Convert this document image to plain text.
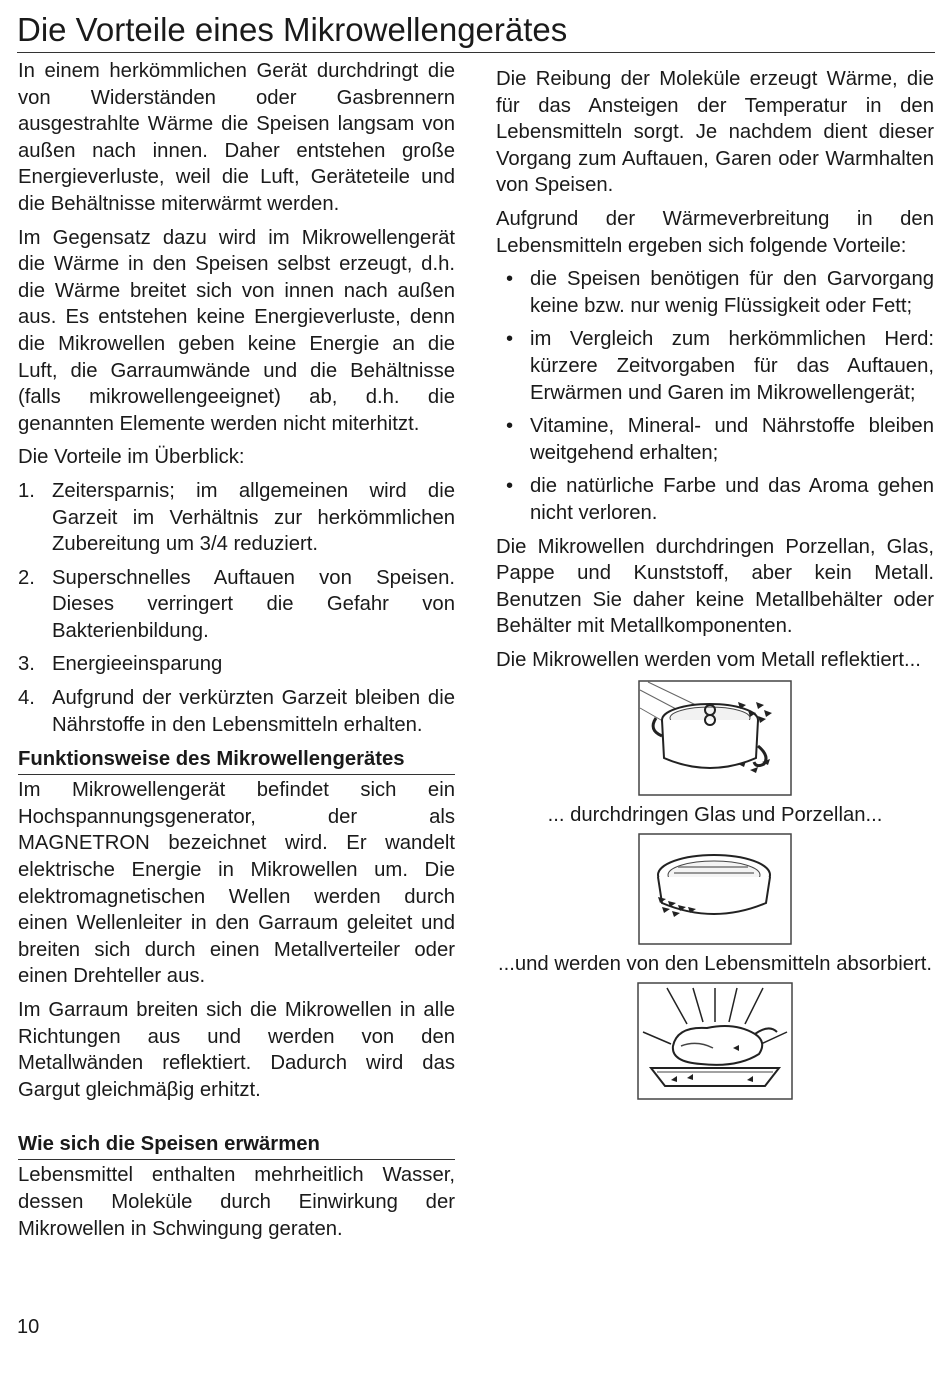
Die Vorteile eines Mikrowellengerätes

In einem herkömmlichen Gerät durchdringt die von Widerständen oder Gasbrennern ausgestrahlte Wärme die Speisen langsam von außen nach innen. Daher entstehen große Energieverluste, weil die Luft, Geräteteile und die Behältnisse miterwärmt werden.

Im Gegensatz dazu wird im Mikrowellengerät die Wärme in den Speisen selbst erzeugt, d.h. die Wärme breitet sich von innen nach außen aus. Es entstehen keine Energieverluste, denn die Mikrowellen geben keine Energie an die Luft, die Garraumwände und die Behältnisse (falls mikrowellengeeignet) ab, d.h. die genannten Elemente werden nicht miterhitzt.

Die Vorteile im Überblick:

1. Zeitersparnis; im allgemeinen wird die Garzeit im Verhältnis zur herkömmlichen Zubereitung um 3/4 reduziert.
2. Superschnelles Auftauen von Speisen. Dieses verringert die Gefahr von Bakterienbildung.
3. Energieeinsparung
4. Aufgrund der verkürzten Garzeit bleiben die Nährstoffe in den Lebensmitteln erhalten.
Funktionsweise des Mikrowellengerätes

Im Mikrowellengerät befindet sich ein Hochspannungsgenerator, der als MAGNETRON bezeichnet wird. Er wandelt elektrische Energie in Mikrowellen um. Die elektromagnetischen Wellen werden durch einen Wellenleiter in den Garraum geleitet und breiten sich durch einen Metallverteiler oder einen Drehteller aus.

Im Garraum breiten sich die Mikrowellen in alle Richtungen aus und werden von den Metallwänden reflektiert. Dadurch wird das Gargut gleichmäβig erhitzt.

Wie sich die Speisen erwärmen

Lebensmittel enthalten mehrheitlich Wasser, dessen Moleküle durch Einwirkung der Mikrowellen in Schwingung geraten.

Die Reibung der Moleküle erzeugt Wärme, die für das Ansteigen der Temperatur in den Lebensmitteln sorgt. Je nachdem dient dieser Vorgang zum Auftauen, Garen oder Warmhalten von Speisen.

Aufgrund der Wärmeverbreitung in den Lebensmitteln ergeben sich folgende Vorteile:

• die Speisen benötigen für den Garvorgang keine bzw. nur wenig Flüssigkeit oder Fett;
• im Vergleich zum herkömmlichen Herd: kürzere Zeitvorgaben für das Auftauen, Erwärmen und Garen im Mikrowellengerät;
• Vitamine, Mineral- und Nährstoffe bleiben weitgehend erhalten;
• die natürliche Farbe und das Aroma gehen nicht verloren.

Die Mikrowellen durchdringen Porzellan, Glas, Pappe und Kunststoff, aber kein Metall. Benutzen Sie daher keine Metallbehälter oder Behälter mit Metallkomponenten.

Die Mikrowellen werden vom Metall reflektiert...

... durchdringen Glas und Porzellan...
...und werden von den Lebensmitteln absorbiert.
10
